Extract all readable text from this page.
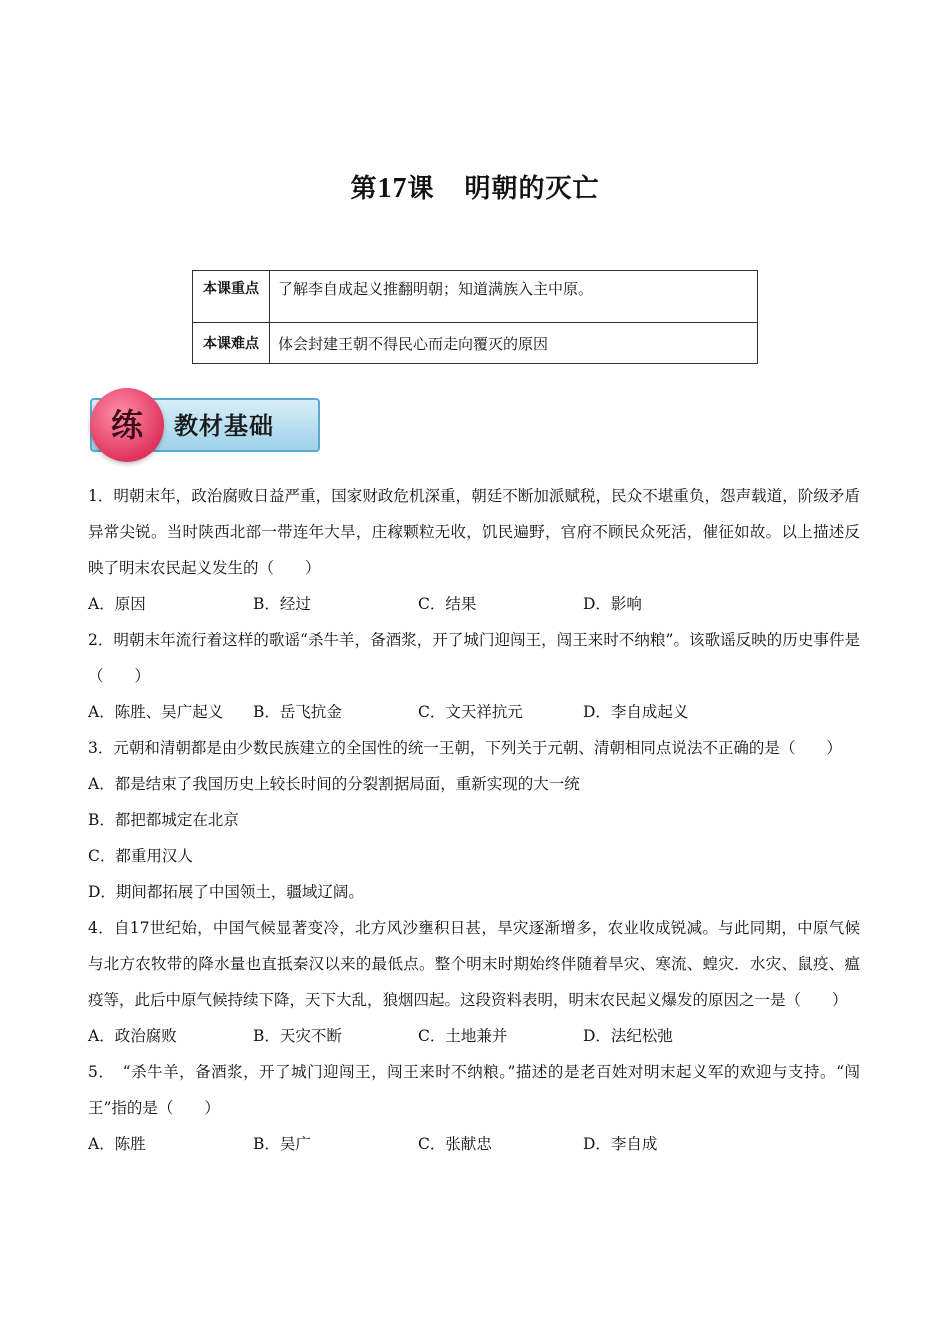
第17课 明朝的灭亡
本课重点	了解李自成起义推翻明朝；知道满族入主中原。
本课难点	体会封建王朝不得民心而走向覆灭的原因
练	教材基础
1．明朝末年，政治腐败日益严重，国家财政危机深重，朝廷不断加派赋税，民众不堪重负，怨声载道，阶级矛盾异常尖锐。当时陕西北部一带连年大旱，庄稼颗粒无收，饥民遍野，官府不顾民众死活，催征如故。以上描述反映了明末农民起义发生的（　　）
A．原因	B．经过	C．结果	D．影响
2．明朝末年流行着这样的歌谣“杀牛羊，备酒浆，开了城门迎闯王，闯王来时不纳粮”。该歌谣反映的历史事件是（　　）
A．陈胜、吴广起义	B．岳飞抗金	C．文天祥抗元	D．李自成起义
3．元朝和清朝都是由少数民族建立的全国性的统一王朝，下列关于元朝、清朝相同点说法不正确的是（　　）
A．都是结束了我国历史上较长时间的分裂割据局面，重新实现的大一统
B．都把都城定在北京
C．都重用汉人
D．期间都拓展了中国领土，疆域辽阔。
4．自17世纪始，中国气候显著变冷，北方风沙壅积日甚，旱灾逐渐增多，农业收成锐减。与此同期，中原气候与北方农牧带的降水量也直抵秦汉以来的最低点。整个明末时期始终伴随着旱灾、寒流、蝗灾．水灾、鼠疫、瘟疫等，此后中原气候持续下降，天下大乱，狼烟四起。这段资料表明，明末农民起义爆发的原因之一是（　　）
A．政治腐败	B．天灾不断	C．土地兼并	D．法纪松弛
5．　“杀牛羊，备酒浆，开了城门迎闯王，闯王来时不纳粮。”描述的是老百姓对明末起义军的欢迎与支持。“闯王”指的是（　　）
A．陈胜	B．吴广	C．张献忠	D．李自成
